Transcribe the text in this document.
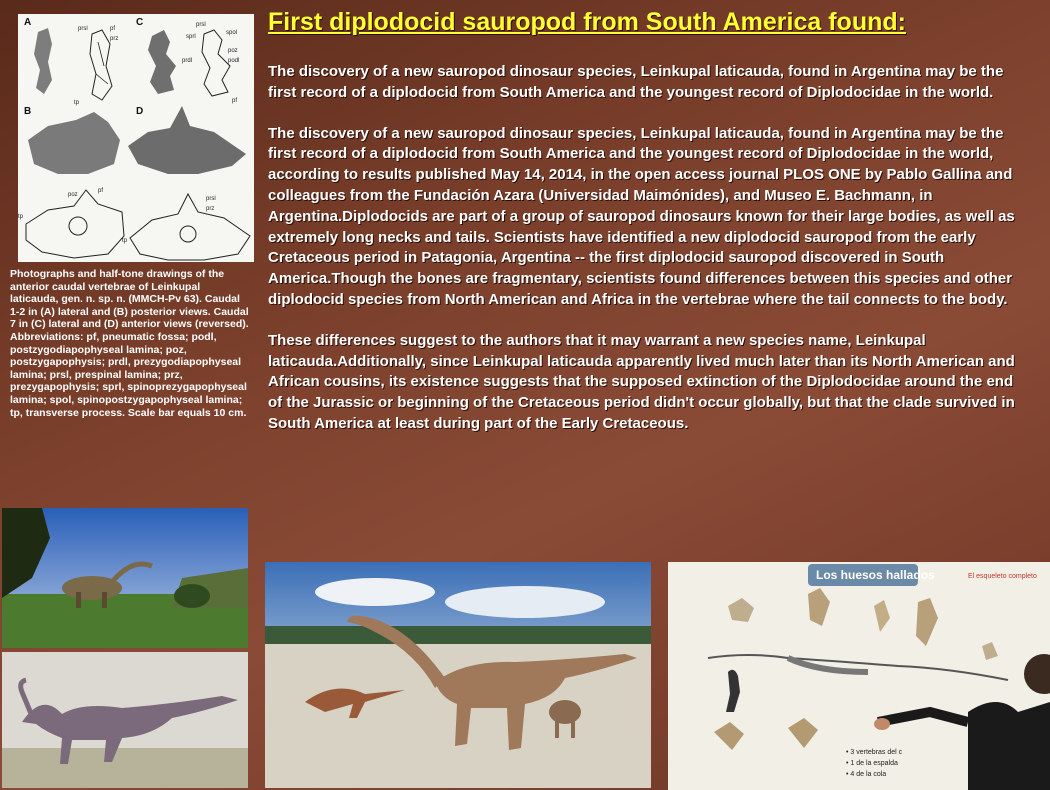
A
prsl	pf
prz
tp
C	prsl
sprl
spol
poz
podl
prdl
pf
B	D
poz
pf
tp
prsl
prz
tp
Photographs and half-tone drawings of the anterior caudal vertebrae of Leinkupal laticauda, gen. n. sp. n. (MMCH-Pv 63). Caudal 1-2 in (A) lateral and (B) posterior views. Caudal 7 in (C) lateral and (D) anterior views (reversed). Abbreviations: pf, pneumatic fossa; podl, postzygodiapophyseal lamina; poz, postzygapophysis; prdl, prezygodiapophyseal lamina; prsl, prespinal lamina; prz, prezygapophysis; sprl, spinoprezygapophyseal lamina; spol, spinopostzygapophyseal lamina; tp, transverse process. Scale bar equals 10 cm.
First diplodocid sauropod from South America found:

The discovery of a new sauropod dinosaur species, Leinkupal laticauda, found in Argentina may be the first record of a diplodocid from South America and the youngest record of Diplodocidae in the world.

The discovery of a new sauropod dinosaur species, Leinkupal laticauda, found in Argentina may be the first record of a diplodocid from South America and the youngest record of Diplodocidae in the world, according to results published May 14, 2014, in the open access journal PLOS ONE by Pablo Gallina and colleagues from the Fundación Azara (Universidad Maimónides), and Museo E. Bachmann, in Argentina.Diplodocids are part of a group of sauropod dinosaurs known for their large bodies, as well as extremely long necks and tails. Scientists have identified a new diplodocid sauropod from the early Cretaceous period in Patagonia, Argentina -- the first diplodocid sauropod discovered in South America.Though the bones are fragmentary, scientists found differences between this species and other diplodocid species from North American and Africa in the vertebrae where the tail connects to the body.

These differences suggest to the authors that it may warrant a new species name, Leinkupal laticauda.Additionally, since Leinkupal laticauda apparently lived much later than its North American and African cousins, its existence suggests that the supposed extinction of the Diplodocidae around the end of the Jurassic or beginning of the Cretaceous period didn't occur globally, but that the clade survived in South America at least during part of the Early Cretaceous.

Los huesos hallados	El esqueleto completo
• 3 vertebras del c
• 1 de la espalda
• 4 de la cola
